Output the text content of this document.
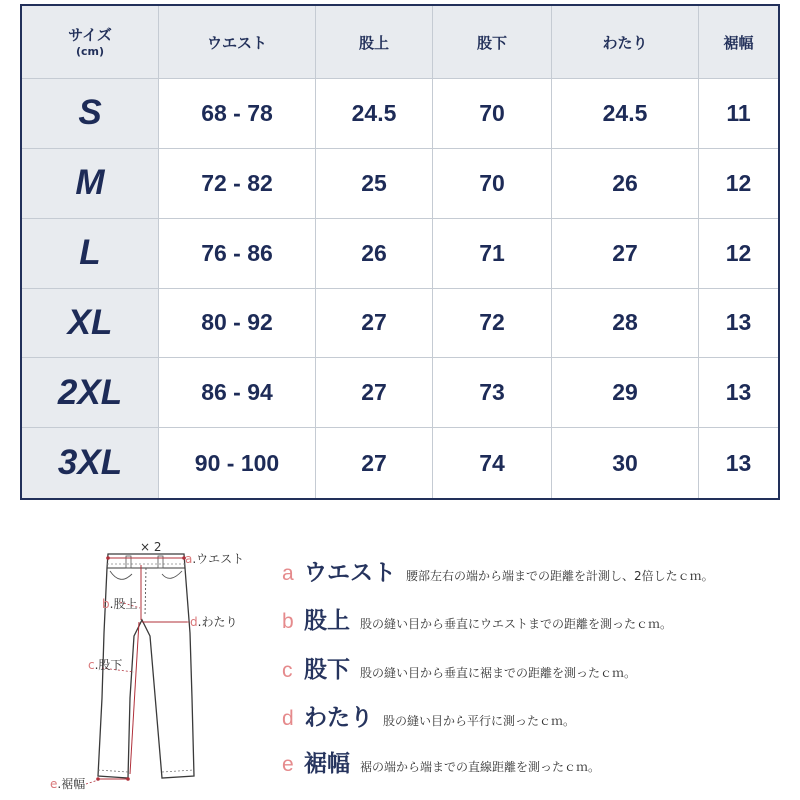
サイズ
(cm)	ウエスト	股上	股下	わたり	裾幅
S	68 - 78	24.5	70	24.5	11
M	72 - 82	25	70	26	12
L	76 - 86	26	71	27	12
XL	80 - 92	27	72	28	13
2XL	86 - 94	27	73	29	13
3XL	90 - 100	27	74	30	13
× 2
a.ウエスト
b.股上
d.わたり
c.股下
e.裾幅
a ウエスト 腰部左右の端から端までの距離を計測し、2倍したｃｍ。
b 股上 股の縫い目から垂直にウエストまでの距離を測ったｃｍ。
c 股下 股の縫い目から垂直に裾までの距離を測ったｃｍ。
d わたり 股の縫い目から平行に測ったｃｍ。
e 裾幅 裾の端から端までの直線距離を測ったｃｍ。
